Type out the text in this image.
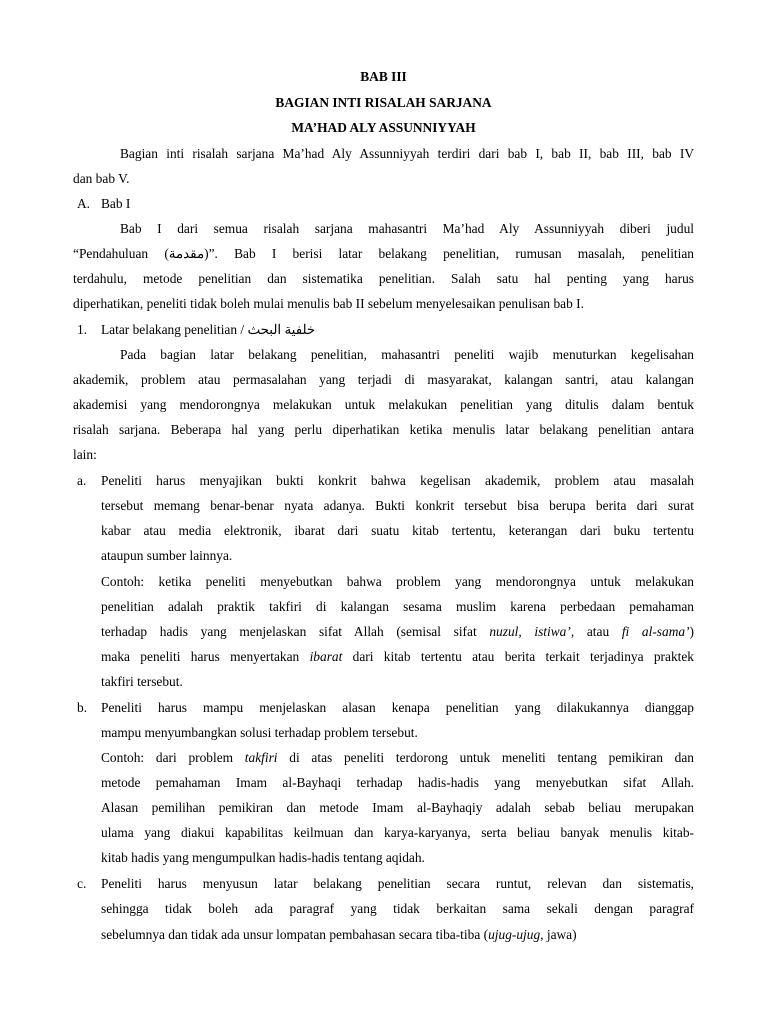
BAB III
BAGIAN INTI RISALAH SARJANA
MA’HAD ALY ASSUNNIYYAH
Bagian inti risalah sarjana Ma’had Aly Assunniyyah terdiri dari bab I, bab II, bab III, bab IV
dan bab V.
A. Bab I
Bab I dari semua risalah sarjana mahasantri Ma’had Aly Assunniyyah diberi judul
“Pendahuluan (مقدمة)”. Bab I berisi latar belakang penelitian, rumusan masalah, penelitian
terdahulu, metode penelitian dan sistematika penelitian. Salah satu hal penting yang harus
diperhatikan, peneliti tidak boleh mulai menulis bab II sebelum menyelesaikan penulisan bab I.
1. Latar belakang penelitian / خلفية البحث
Pada bagian latar belakang penelitian, mahasantri peneliti wajib menuturkan kegelisahan
akademik, problem atau permasalahan yang terjadi di masyarakat, kalangan santri, atau kalangan
akademisi yang mendorongnya melakukan untuk melakukan penelitian yang ditulis dalam bentuk
risalah sarjana. Beberapa hal yang perlu diperhatikan ketika menulis latar belakang penelitian antara
lain:
a. Peneliti harus menyajikan bukti konkrit bahwa kegelisan akademik, problem atau masalah
tersebut memang benar-benar nyata adanya. Bukti konkrit tersebut bisa berupa berita dari surat
kabar atau media elektronik, ibarat dari suatu kitab tertentu, keterangan dari buku tertentu
ataupun sumber lainnya.
Contoh: ketika peneliti menyebutkan bahwa problem yang mendorongnya untuk melakukan
penelitian adalah praktik takfiri di kalangan sesama muslim karena perbedaan pemahaman
terhadap hadis yang menjelaskan sifat Allah (semisal sifat nuzul, istiwa’, atau fi al-sama’)
maka peneliti harus menyertakan ibarat dari kitab tertentu atau berita terkait terjadinya praktek
takfiri tersebut.
b. Peneliti harus mampu menjelaskan alasan kenapa penelitian yang dilakukannya dianggap
mampu menyumbangkan solusi terhadap problem tersebut.
Contoh: dari problem takfiri di atas peneliti terdorong untuk meneliti tentang pemikiran dan
metode pemahaman Imam al-Bayhaqi terhadap hadis-hadis yang menyebutkan sifat Allah.
Alasan pemilihan pemikiran dan metode Imam al-Bayhaqiy adalah sebab beliau merupakan
ulama yang diakui kapabilitas keilmuan dan karya-karyanya, serta beliau banyak menulis kitab-
kitab hadis yang mengumpulkan hadis-hadis tentang aqidah.
c. Peneliti harus menyusun latar belakang penelitian secara runtut, relevan dan sistematis,
sehingga tidak boleh ada paragraf yang tidak berkaitan sama sekali dengan paragraf
sebelumnya dan tidak ada unsur lompatan pembahasan secara tiba-tiba (ujug-ujug, jawa)
